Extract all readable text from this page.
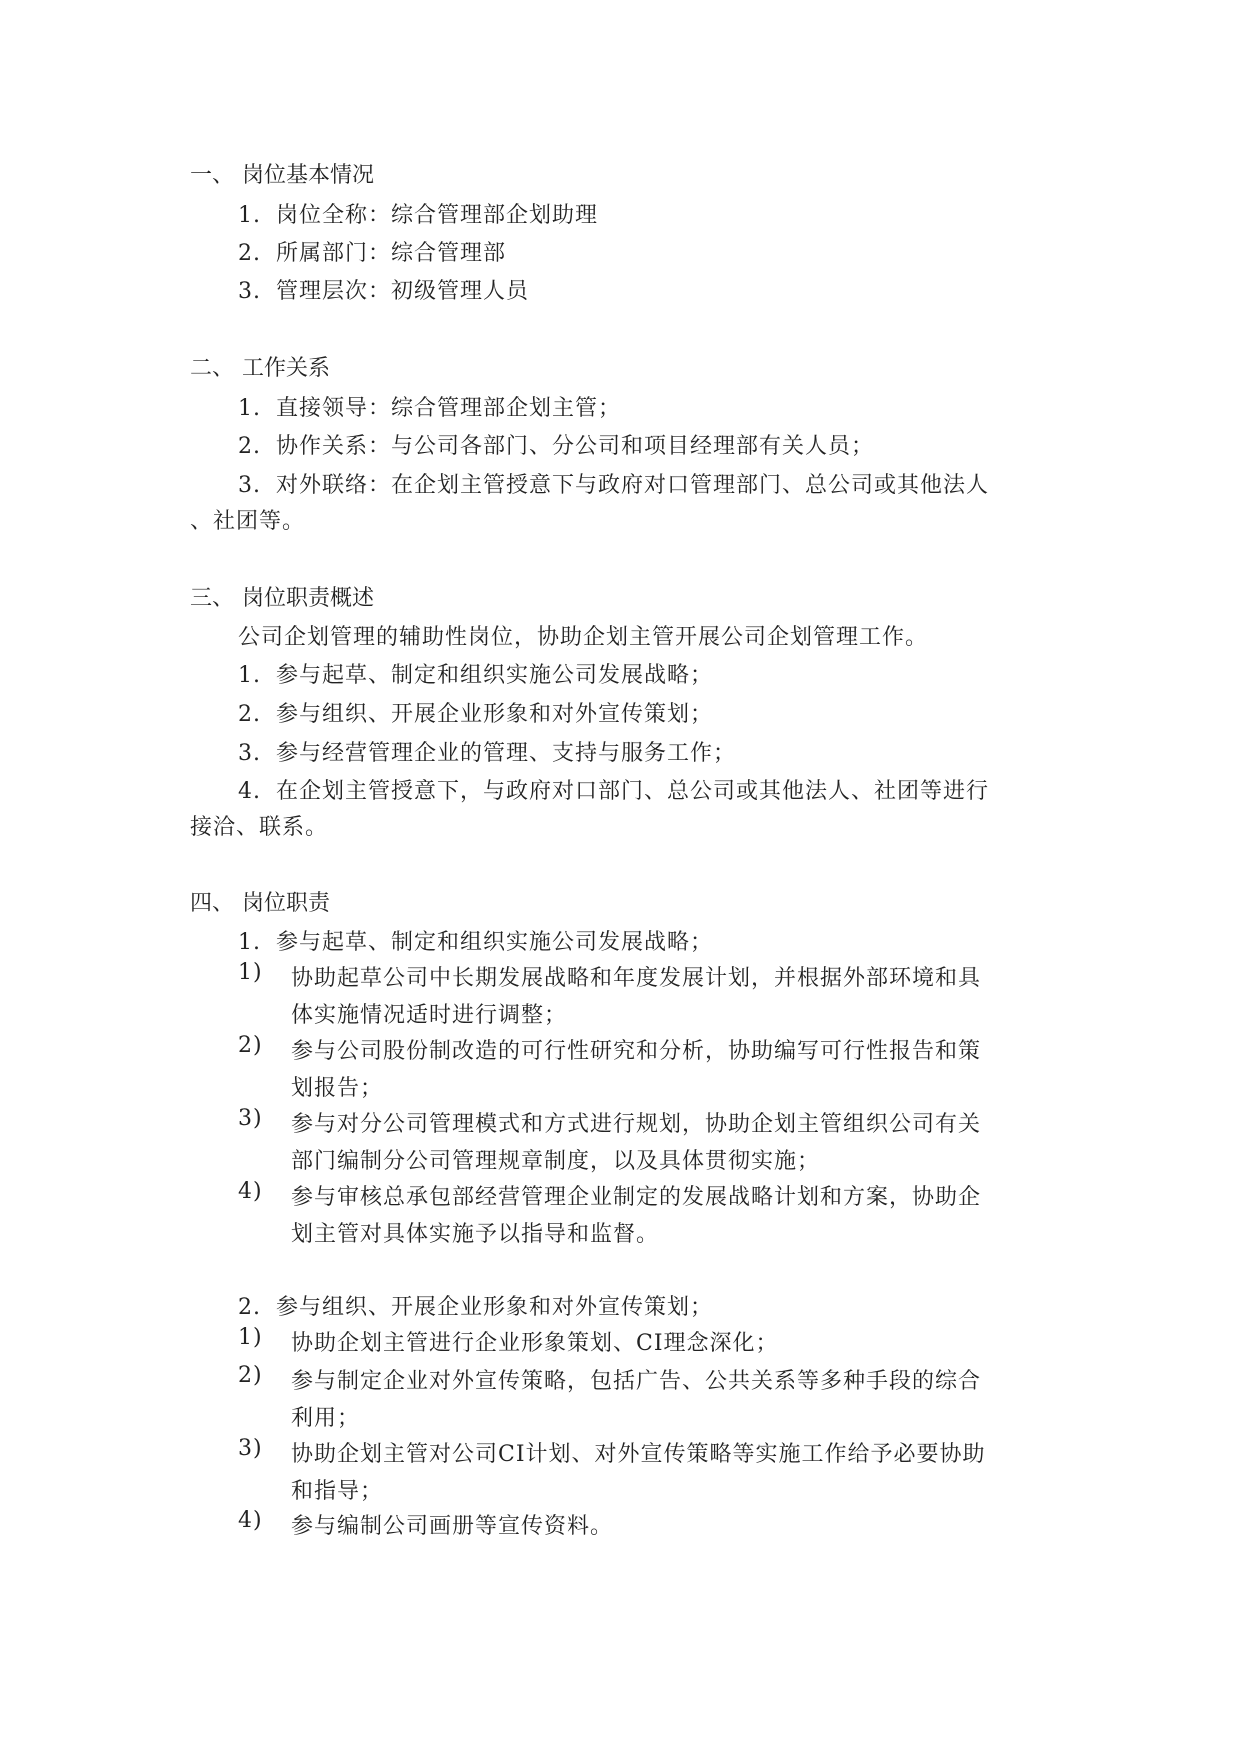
一、 岗位基本情况
1. 岗位全称：综合管理部企划助理
2. 所属部门：综合管理部
3. 管理层次：初级管理人员
二、 工作关系
1. 直接领导：综合管理部企划主管；
2. 协作关系：与公司各部门、分公司和项目经理部有关人员；
3. 对外联络：在企划主管授意下与政府对口管理部门、总公司或其他法人
、社团等。
三、 岗位职责概述
公司企划管理的辅助性岗位，协助企划主管开展公司企划管理工作。
1. 参与起草、制定和组织实施公司发展战略；
2. 参与组织、开展企业形象和对外宣传策划；
3. 参与经营管理企业的管理、支持与服务工作；
4. 在企划主管授意下，与政府对口部门、总公司或其他法人、社团等进行
接洽、联系。
四、 岗位职责
1. 参与起草、制定和组织实施公司发展战略；
1) 协助起草公司中长期发展战略和年度发展计划，并根据外部环境和具
体实施情况适时进行调整；
2) 参与公司股份制改造的可行性研究和分析，协助编写可行性报告和策
划报告；
3) 参与对分公司管理模式和方式进行规划，协助企划主管组织公司有关
部门编制分公司管理规章制度，以及具体贯彻实施；
4) 参与审核总承包部经营管理企业制定的发展战略计划和方案，协助企
划主管对具体实施予以指导和监督。
2. 参与组织、开展企业形象和对外宣传策划；
1) 协助企划主管进行企业形象策划、CI理念深化；
2) 参与制定企业对外宣传策略，包括广告、公共关系等多种手段的综合
利用；
3) 协助企划主管对公司CI计划、对外宣传策略等实施工作给予必要协助
和指导；
4) 参与编制公司画册等宣传资料。
